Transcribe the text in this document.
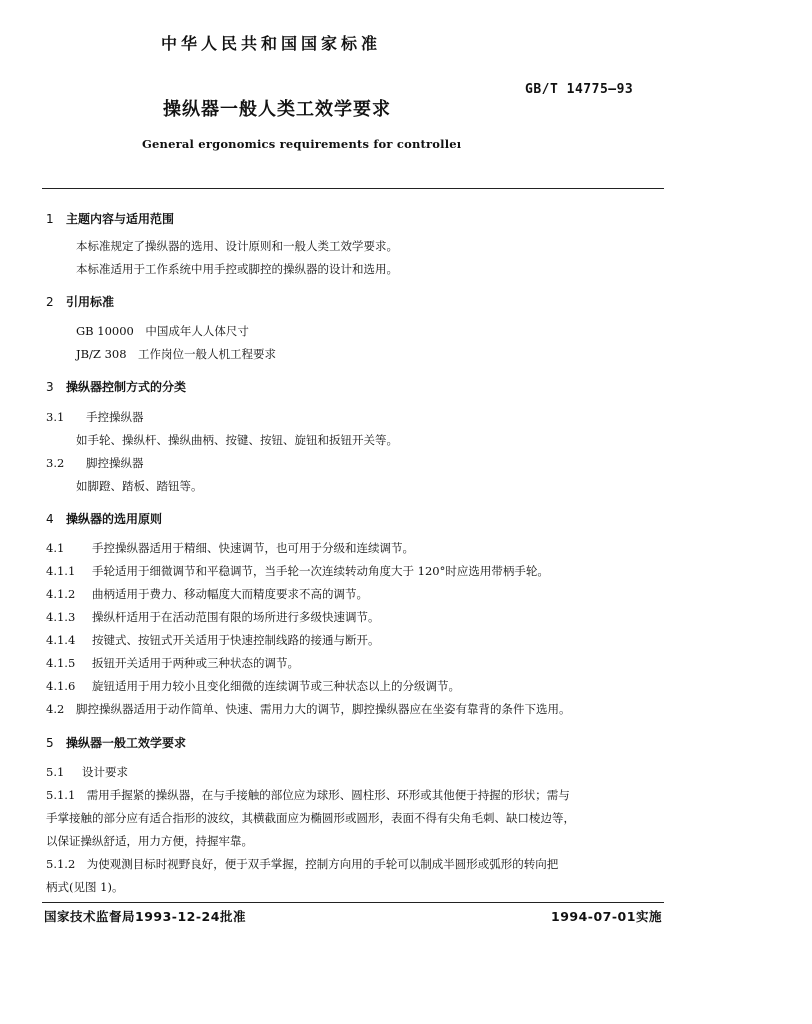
中华人民共和国国家标准
GB/T 14775—93
操纵器一般人类工效学要求
General ergonomics requirements for controlleı
1 主题内容与适用范围
本标准规定了操纵器的选用、设计原则和一般人类工效学要求。
本标准适用于工作系统中用手控或脚控的操纵器的设计和选用。
2 引用标准
GB 10000　中国成年人人体尺寸
JB/Z 308　工作岗位一般人机工程要求
3 操纵器控制方式的分类
3.1 手控操纵器
如手轮、操纵杆、操纵曲柄、按键、按钮、旋钮和扳钮开关等。
3.2 脚控操纵器
如脚蹬、踏板、踏钮等。
4 操纵器的选用原则
4.1 手控操纵器适用于精细、快速调节，也可用于分级和连续调节。
4.1.1 手轮适用于细微调节和平稳调节，当手轮一次连续转动角度大于 120°时应选用带柄手轮。
4.1.2 曲柄适用于费力、移动幅度大而精度要求不高的调节。
4.1.3 操纵杆适用于在活动范围有限的场所进行多级快速调节。
4.1.4 按键式、按钮式开关适用于快速控制线路的接通与断开。
4.1.5 扳钮开关适用于两种或三种状态的调节。
4.1.6 旋钮适用于用力较小且变化细微的连续调节或三种状态以上的分级调节。
4.2 脚控操纵器适用于动作简单、快速、需用力大的调节，脚控操纵器应在坐姿有靠背的条件下选用。
5 操纵器一般工效学要求
5.1 设计要求
5.1.1　需用手握紧的操纵器，在与手接触的部位应为球形、圆柱形、环形或其他便于持握的形状；需与
手掌接触的部分应有适合指形的波纹，其横截面应为椭圆形或圆形，表面不得有尖角毛刺、缺口棱边等，
以保证操纵舒适，用力方便，持握牢靠。
5.1.2　为使观测目标时视野良好，便于双手掌握，控制方向用的手轮可以制成半圆形或弧形的转向把
柄式(见图 1)。
国家技术监督局1993-12-24批准	1994-07-01实施
